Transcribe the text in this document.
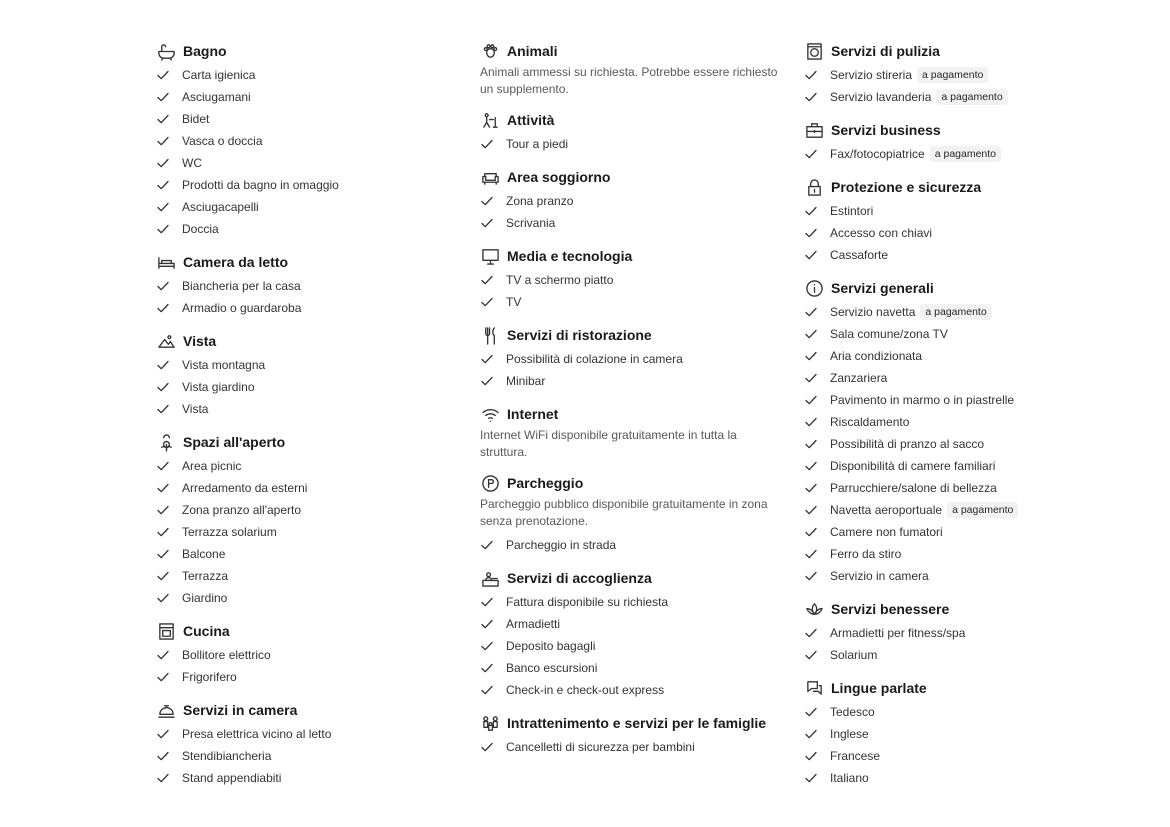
Bagno
Carta igienica
Asciugamani
Bidet
Vasca o doccia
WC
Prodotti da bagno in omaggio
Asciugacapelli
Doccia
Camera da letto
Biancheria per la casa
Armadio o guardaroba
Vista
Vista montagna
Vista giardino
Vista
Spazi all'aperto
Area picnic
Arredamento da esterni
Zona pranzo all'aperto
Terrazza solarium
Balcone
Terrazza
Giardino
Cucina
Bollitore elettrico
Frigorifero
Servizi in camera
Presa elettrica vicino al letto
Stendibiancheria
Stand appendiabiti
Animali
Animali ammessi su richiesta. Potrebbe essere richiesto un supplemento.
Attività
Tour a piedi
Area soggiorno
Zona pranzo
Scrivania
Media e tecnologia
TV a schermo piatto
TV
Servizi di ristorazione
Possibilità di colazione in camera
Minibar
Internet
Internet WiFi disponibile gratuitamente in tutta la struttura.
Parcheggio
Parcheggio pubblico disponibile gratuitamente in zona senza prenotazione.
Parcheggio in strada
Servizi di accoglienza
Fattura disponibile su richiesta
Armadietti
Deposito bagagli
Banco escursioni
Check-in e check-out express
Intrattenimento e servizi per le famiglie
Cancelletti di sicurezza per bambini
Servizi di pulizia
Servizio stireria a pagamento
Servizio lavanderia a pagamento
Servizi business
Fax/fotocopiatrice a pagamento
Protezione e sicurezza
Estintori
Accesso con chiavi
Cassaforte
Servizi generali
Servizio navetta a pagamento
Sala comune/zona TV
Aria condizionata
Zanzariera
Pavimento in marmo o in piastrelle
Riscaldamento
Possibilità di pranzo al sacco
Disponibilità di camere familiari
Parrucchiere/salone di bellezza
Navetta aeroportuale a pagamento
Camere non fumatori
Ferro da stiro
Servizio in camera
Servizi benessere
Armadietti per fitness/spa
Solarium
Lingue parlate
Tedesco
Inglese
Francese
Italiano
